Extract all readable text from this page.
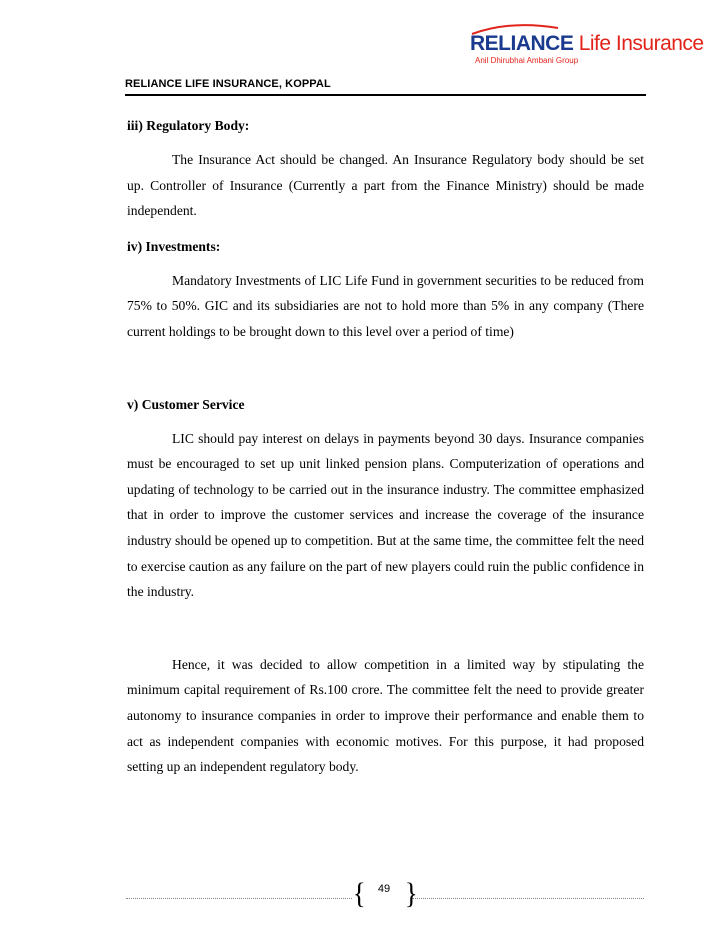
RELIANCE Life Insurance
Anil Dhirubhai Ambani Group
RELIANCE LIFE INSURANCE, KOPPAL
iii) Regulatory Body:

The Insurance Act should be changed. An Insurance Regulatory body should be set up. Controller of Insurance (Currently a part from the Finance Ministry) should be made independent.

iv) Investments:

Mandatory Investments of LIC Life Fund in government securities to be reduced from 75% to 50%. GIC and its subsidiaries are not to hold more than 5% in any company (There current holdings to be brought down to this level over a period of time)

v) Customer Service

LIC should pay interest on delays in payments beyond 30 days. Insurance companies must be encouraged to set up unit linked pension plans. Computerization of operations and updating of technology to be carried out in the insurance industry. The committee emphasized that in order to improve the customer services and increase the coverage of the insurance industry should be opened up to competition. But at the same time, the committee felt the need to exercise caution as any failure on the part of new players could ruin the public confidence in the industry.

Hence, it was decided to allow competition in a limited way by stipulating the minimum capital requirement of Rs.100 crore. The committee felt the need to provide greater autonomy to insurance companies in order to improve their performance and enable them to act as independent companies with economic motives. For this purpose, it had proposed setting up an independent regulatory body.

{	49 }
